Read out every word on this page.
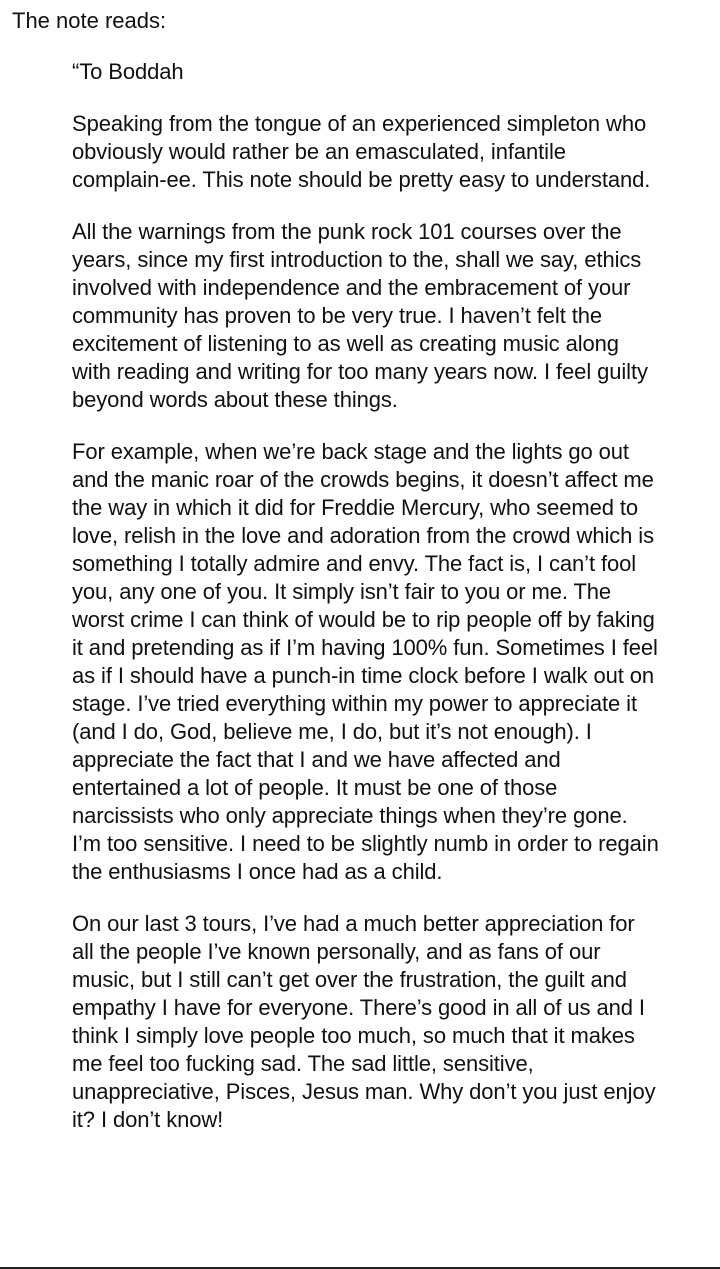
The note reads:

“To Boddah

Speaking from the tongue of an experienced simpleton who obviously would rather be an emasculated, infantile complain-ee. This note should be pretty easy to understand.

All the warnings from the punk rock 101 courses over the years, since my first introduction to the, shall we say, ethics involved with independence and the embracement of your community has proven to be very true. I haven’t felt the excitement of listening to as well as creating music along with reading and writing for too many years now. I feel guilty beyond words about these things.

For example, when we’re back stage and the lights go out and the manic roar of the crowds begins, it doesn’t affect me the way in which it did for Freddie Mercury, who seemed to love, relish in the love and adoration from the crowd which is something I totally admire and envy. The fact is, I can’t fool you, any one of you. It simply isn’t fair to you or me. The worst crime I can think of would be to rip people off by faking it and pretending as if I’m having 100% fun. Sometimes I feel as if I should have a punch-in time clock before I walk out on stage. I’ve tried everything within my power to appreciate it (and I do, God, believe me, I do, but it’s not enough). I appreciate the fact that I and we have affected and entertained a lot of people. It must be one of those narcissists who only appreciate things when they’re gone. I’m too sensitive. I need to be slightly numb in order to regain the enthusiasms I once had as a child.

On our last 3 tours, I’ve had a much better appreciation for all the people I’ve known personally, and as fans of our music, but I still can’t get over the frustration, the guilt and empathy I have for everyone. There’s good in all of us and I think I simply love people too much, so much that it makes me feel too fucking sad. The sad little, sensitive, unappreciative, Pisces, Jesus man. Why don’t you just enjoy it? I don’t know!
